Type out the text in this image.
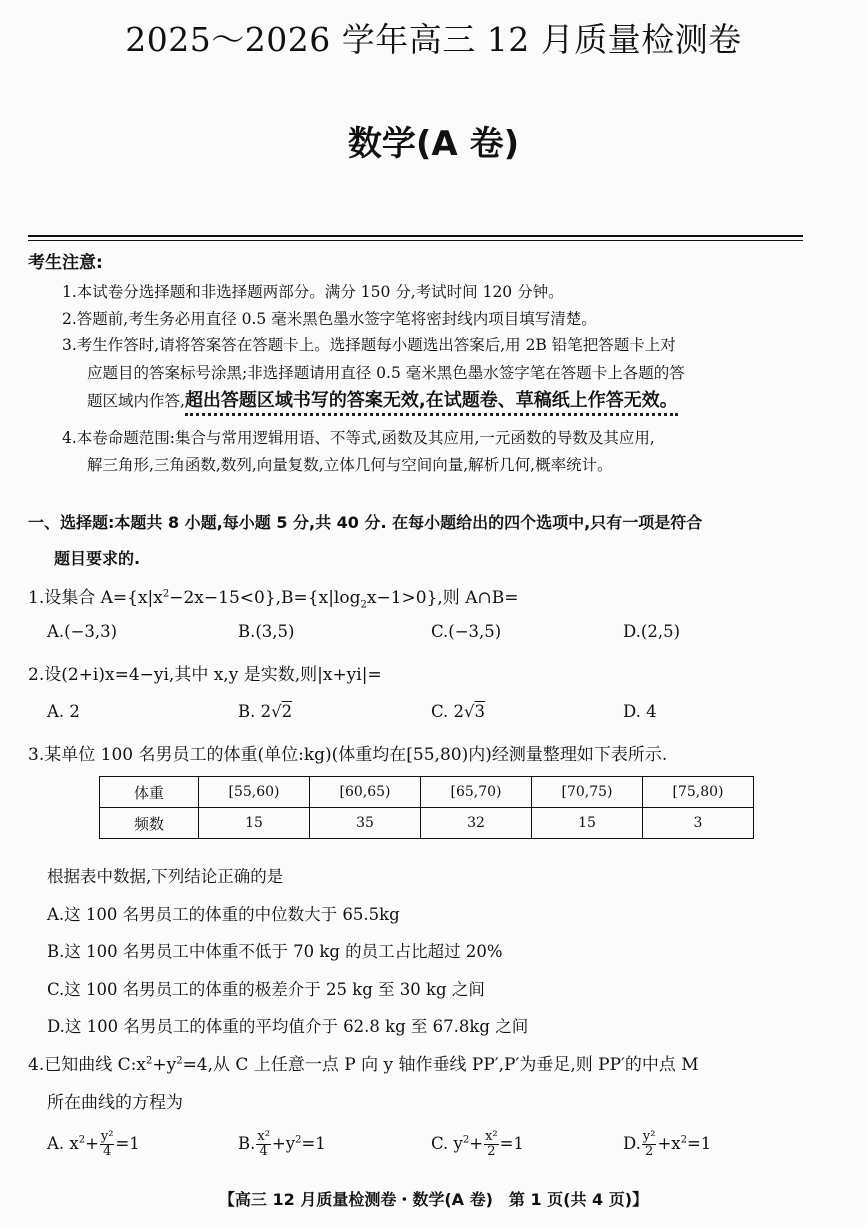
2025～2026 学年高三 12 月质量检测卷
数学(A 卷)
考生注意:
1.本试卷分选择题和非选择题两部分。满分 150 分,考试时间 120 分钟。
2.答题前,考生务必用直径 0.5 毫米黑色墨水签字笔将密封线内项目填写清楚。
3.考生作答时,请将答案答在答题卡上。选择题每小题选出答案后,用 2B 铅笔把答题卡上对
应题目的答案标号涂黑;非选择题请用直径 0.5 毫米黑色墨水签字笔在答题卡上各题的答
题区域内作答,超出答题区域书写的答案无效,在试题卷、草稿纸上作答无效。
4.本卷命题范围:集合与常用逻辑用语、不等式,函数及其应用,一元函数的导数及其应用,
解三角形,三角函数,数列,向量复数,立体几何与空间向量,解析几何,概率统计。
一、选择题:本题共 8 小题,每小题 5 分,共 40 分. 在每小题给出的四个选项中,只有一项是符合
题目要求的.
1.设集合 $A=\{x|x^2-2x-15<0\},B=\{x|\log_2x-1>0\}$,则 A∩B=
A.(−3,3)	B.(3,5)	C.(−3,5)	D.(2,5)
2.设(2+i)x=4−yi,其中 x,y 是实数,则|x+yi|=
A. 2	B. 2√2	C. 2√3	D. 4
3.某单位 100 名男员工的体重(单位:kg)(体重均在[55,80)内)经测量整理如下表所示.
体重	[55,60)	[60,65)	[65,70)	[70,75)	[75,80)
频数	15	35	32	15	3
根据表中数据,下列结论正确的是
A.这 100 名男员工的体重的中位数大于 65.5kg
B.这 100 名男员工中体重不低于 70 kg 的员工占比超过 20%
C.这 100 名男员工的体重的极差介于 25 kg 至 30 kg 之间
D.这 100 名男员工的体重的平均值介于 62.8 kg 至 67.8kg 之间
4.已知曲线 $C:x^2+y^2=4$,从 C 上任意一点 P 向 y 轴作垂线 PP′,P′为垂足,则 PP′的中点 M
所在曲线的方程为
A. $x^2+ \frac{\text{y²}}{4} =1$	B. $\frac{\text{x²}}{4} +y^2=1$	C. $y^2+ \frac{\text{x²}}{2} =1$	D. $\frac{\text{y²}}{2} +x^2=1$
【高三 12 月质量检测卷・数学(A 卷)　第 1 页(共 4 页)】
